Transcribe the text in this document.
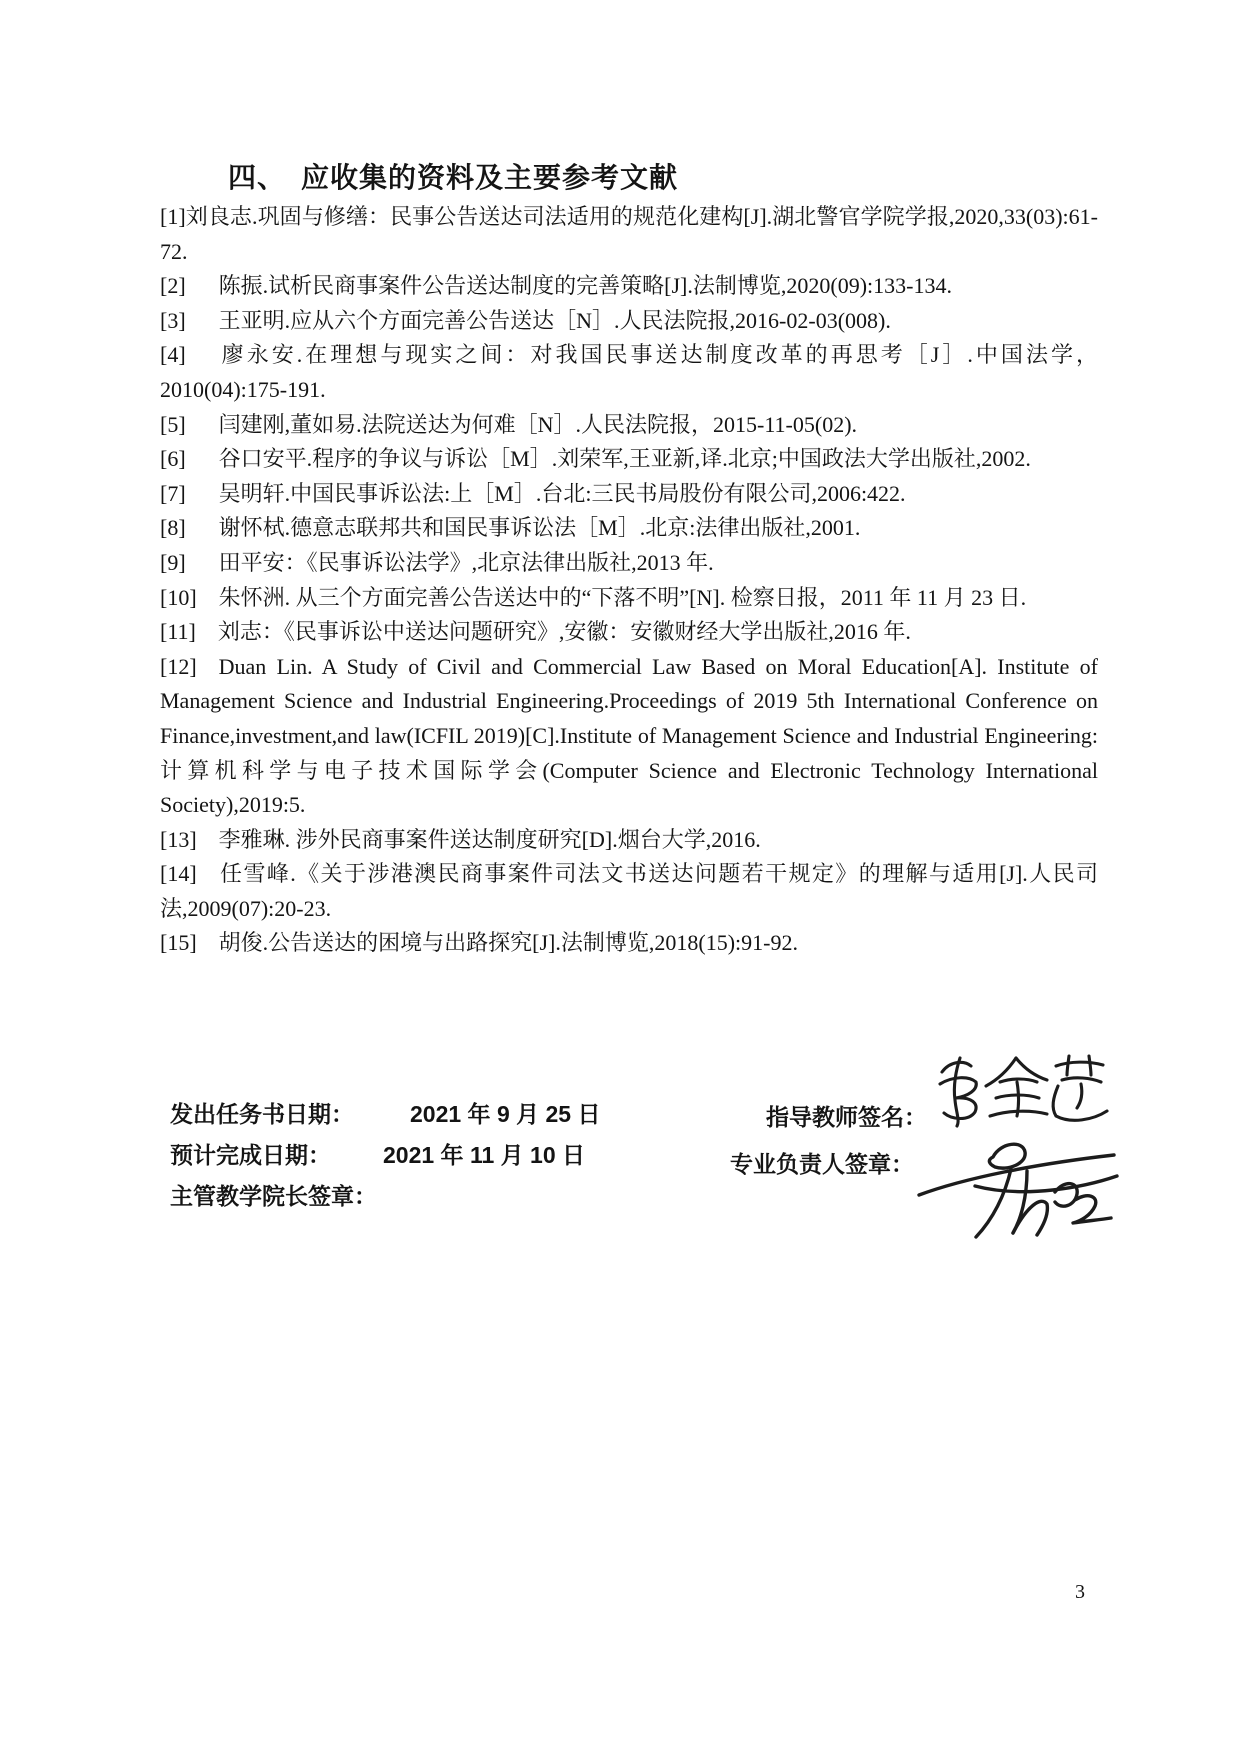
四、 应收集的资料及主要参考文献

[1]刘良志.巩固与修缮：民事公告送达司法适用的规范化建构[J].湖北警官学院学报,2020,33(03):61-72.

[2]  陈振.试析民商事案件公告送达制度的完善策略[J].法制博览,2020(09):133-134.

[3]  王亚明.应从六个方面完善公告送达［N］.人民法院报,2016-02-03(008).

[4]  廖永安.在理想与现实之间：对我国民事送达制度改革的再思考［J］.中国法学，2010(04):175-191.

[5]  闫建刚,董如易.法院送达为何难［N］.人民法院报，2015-11-05(02).

[6]  谷口安平.程序的争议与诉讼［M］.刘荣军,王亚新,译.北京;中国政法大学出版社,2002.

[7]  吴明轩.中国民事诉讼法:上［M］.台北:三民书局股份有限公司,2006:422.

[8]  谢怀栻.德意志联邦共和国民事诉讼法［M］.北京:法律出版社,2001.

[9]  田平安：《民事诉讼法学》,北京法律出版社,2013 年.

[10] 朱怀洲. 从三个方面完善公告送达中的“下落不明”[N]. 检察日报，2011 年 11 月 23 日.

[11] 刘志：《民事诉讼中送达问题研究》,安徽：安徽财经大学出版社,2016 年.

[12] Duan Lin. A Study of Civil and Commercial Law Based on Moral Education[A]. Institute of Management Science and Industrial Engineering.Proceedings of 2019 5th International Conference on Finance,investment,and law(ICFIL 2019)[C].Institute of Management Science and Industrial Engineering:计算机科学与电子技术国际学会(Computer Science and Electronic Technology International Society),2019:5.

[13] 李雅琳. 涉外民商事案件送达制度研究[D].烟台大学,2016.

[14] 任雪峰.《关于涉港澳民商事案件司法文书送达问题若干规定》的理解与适用[J].人民司法,2009(07):20-23.

[15] 胡俊.公告送达的困境与出路探究[J].法制博览,2018(15):91-92.

发出任务书日期： 2021 年 9 月 25 日
预计完成日期： 2021 年 11 月 10 日
主管教学院长签章：
指导教师签名：
专业负责人签章：
3
